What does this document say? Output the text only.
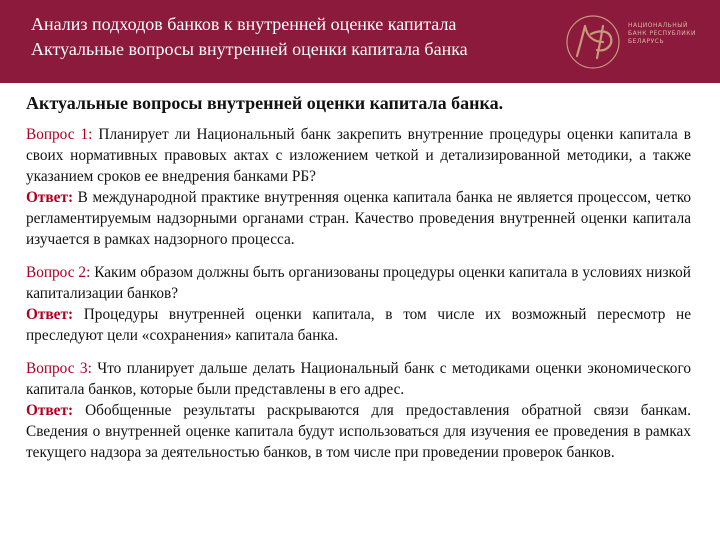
Анализ подходов банков к внутренней оценке капитала
Актуальные вопросы внутренней оценки капитала банка
НАЦИОНАЛЬНЫЙ БАНК РЕСПУБЛИКИ БЕЛАРУСЬ
Актуальные вопросы внутренней оценки капитала банка.

Вопрос 1: Планирует ли Национальный банк закрепить внутренние процедуры оценки капитала в своих нормативных правовых актах с изложением четкой и детализированной методики, а также указанием сроков ее внедрения банками РБ?

Ответ: В международной практике внутренняя оценка капитала банка не является процессом, четко регламентируемым надзорными органами стран. Качество проведения внутренней оценки капитала изучается в рамках надзорного процесса.

Вопрос 2: Каким образом должны быть организованы процедуры оценки капитала в условиях низкой капитализации банков?

Ответ: Процедуры внутренней оценки капитала, в том числе их возможный пересмотр не преследуют цели «сохранения» капитала банка.

Вопрос 3: Что планирует дальше делать Национальный банк с методиками оценки экономического капитала банков, которые были представлены в его адрес.

Ответ: Обобщенные результаты раскрываются для предоставления обратной связи банкам. Сведения о внутренней оценке капитала будут использоваться для изучения ее проведения в рамках текущего надзора за деятельностью банков, в том числе при проведении проверок банков.
